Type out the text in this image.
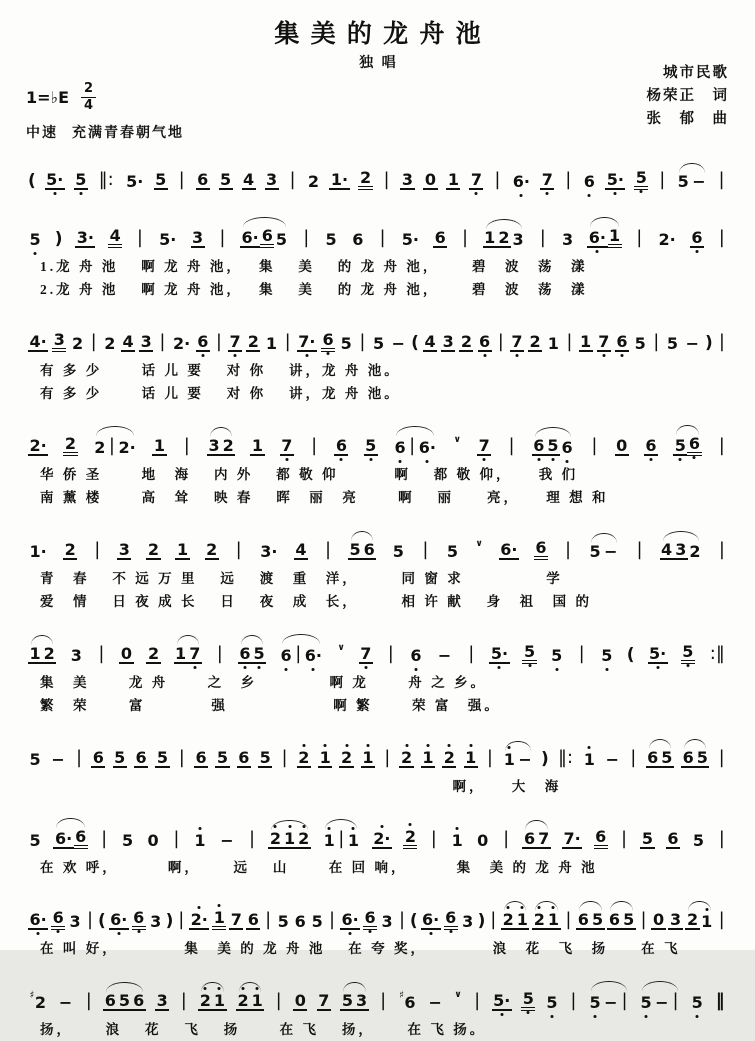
集美的龙舟池
独唱
1=♭E $\frac{2}{4}$
中速 充满青春朝气地
城市民歌
杨荣正　词
张　郁　曲
( 5· 5 ‖: 5· 5 | 6 5 4 3 | 2 1· 2 | 3 0 1 7 | 6· 7 | 6 5· 5 | 5 − |
5 ) 3· 4 | 5· 3 | 6· 6 5 | 5 6 | 5· 6 | 1 2 3 | 3 6· 1 | 2· 6 |
1.龙 舟 池　 啊 龙 舟 池，　 集　 美　 的 龙 舟 池，　　 碧　波　荡　漾
2.龙 舟 池　 啊 龙 舟 池，　 集　 美　 的 龙 舟 池，　　 碧　波　荡　漾
4· 3 2 | 2 4 3 | 2· 6 | 7 2 1 | 7· 6 5 | 5 − ( 4 3 2 6 | 7 2 1 | 1 7 6 5 | 5 − ) |
有 多 少　　 话 儿 要　 对 你　 讲，龙 舟 池。
有 多 少　　 话 儿 要　 对 你　 讲，龙 舟 池。
2· 2 2 | 2· 1 | 3 2 1 7 | 6 5 6 | 6· ∨ 7 | 6 5 6 | 0 6 5 6 |
华 侨 圣　　 地　海　 内 外　 都 敬 仰　　　 啊　 都 敬 仰，　　我 们
南 薰 楼　　 高　耸　 映 春　 晖　丽　亮　　 啊　 丽　　亮，　　理 想 和
1· 2 | 3 2 1 2 | 3· 4 | 5 6 5 | 5 ∨ 6· 6 | 5 − | 4 3 2 |
青　春　 不 远 万 里　 远　 渡　重　洋，　　　同 窗 求　　　　　学
爱　情　 日 夜 成 长　 日　 夜　成　长，　　　相 许 献　 身　祖　国 的
1 2 3 | 0 2 1 7 | 6 5 6 | 6· ∨ 7 | 6 − | 5· 5 5 | 5 ( 5· 5 :‖
集　美　　 龙 舟　　 之　乡　　　　 啊 龙　　 舟 之 乡。
繁　荣　　 富　　　　强　　　　　　 啊 繁　　 荣 富　强。
5 − | 6 5 6 5 | 6 5 6 5 | 2 1 2 1 | 2 1 2 1 | 1 − ) ‖: 1 − | 6 5 6 5 |
　　　　　　　　　　　　　　　　　　　　　　　　　啊，　　大　海
5 6· 6 | 5 0 | 1 − | 2 1 2 1 | 1 2· 2 | 1 0 | 6 7 7· 6 | 5 6 5 |
在 欢 呼，　　　 啊，　　 远　 山　　 在 回 响，　　　 集　美 的 龙 舟 池
6· 6 3 | ( 6· 6 3 ) | 2· 1 7 6 | 5 6 5 | 6· 6 3 | ( 6· 6 3 ) | 2 1 2 1 | 6 5 6 5 | 0 3 2 1 |
在 叫 好，　　　　 集　美 的 龙 舟 池　 在 夸 奖，　　　　 浪　花　飞　扬　　在 飞
♯2 − | 6 5 6 3 | 2 1 2 1 | 0 7 5 3 | ♯6 − ∨ | 5· 5 5 | 5 − | 5 − | 5 ‖
扬，　　 浪　 花　 飞　 扬　　 在 飞　 扬，　　 在 飞 扬。
